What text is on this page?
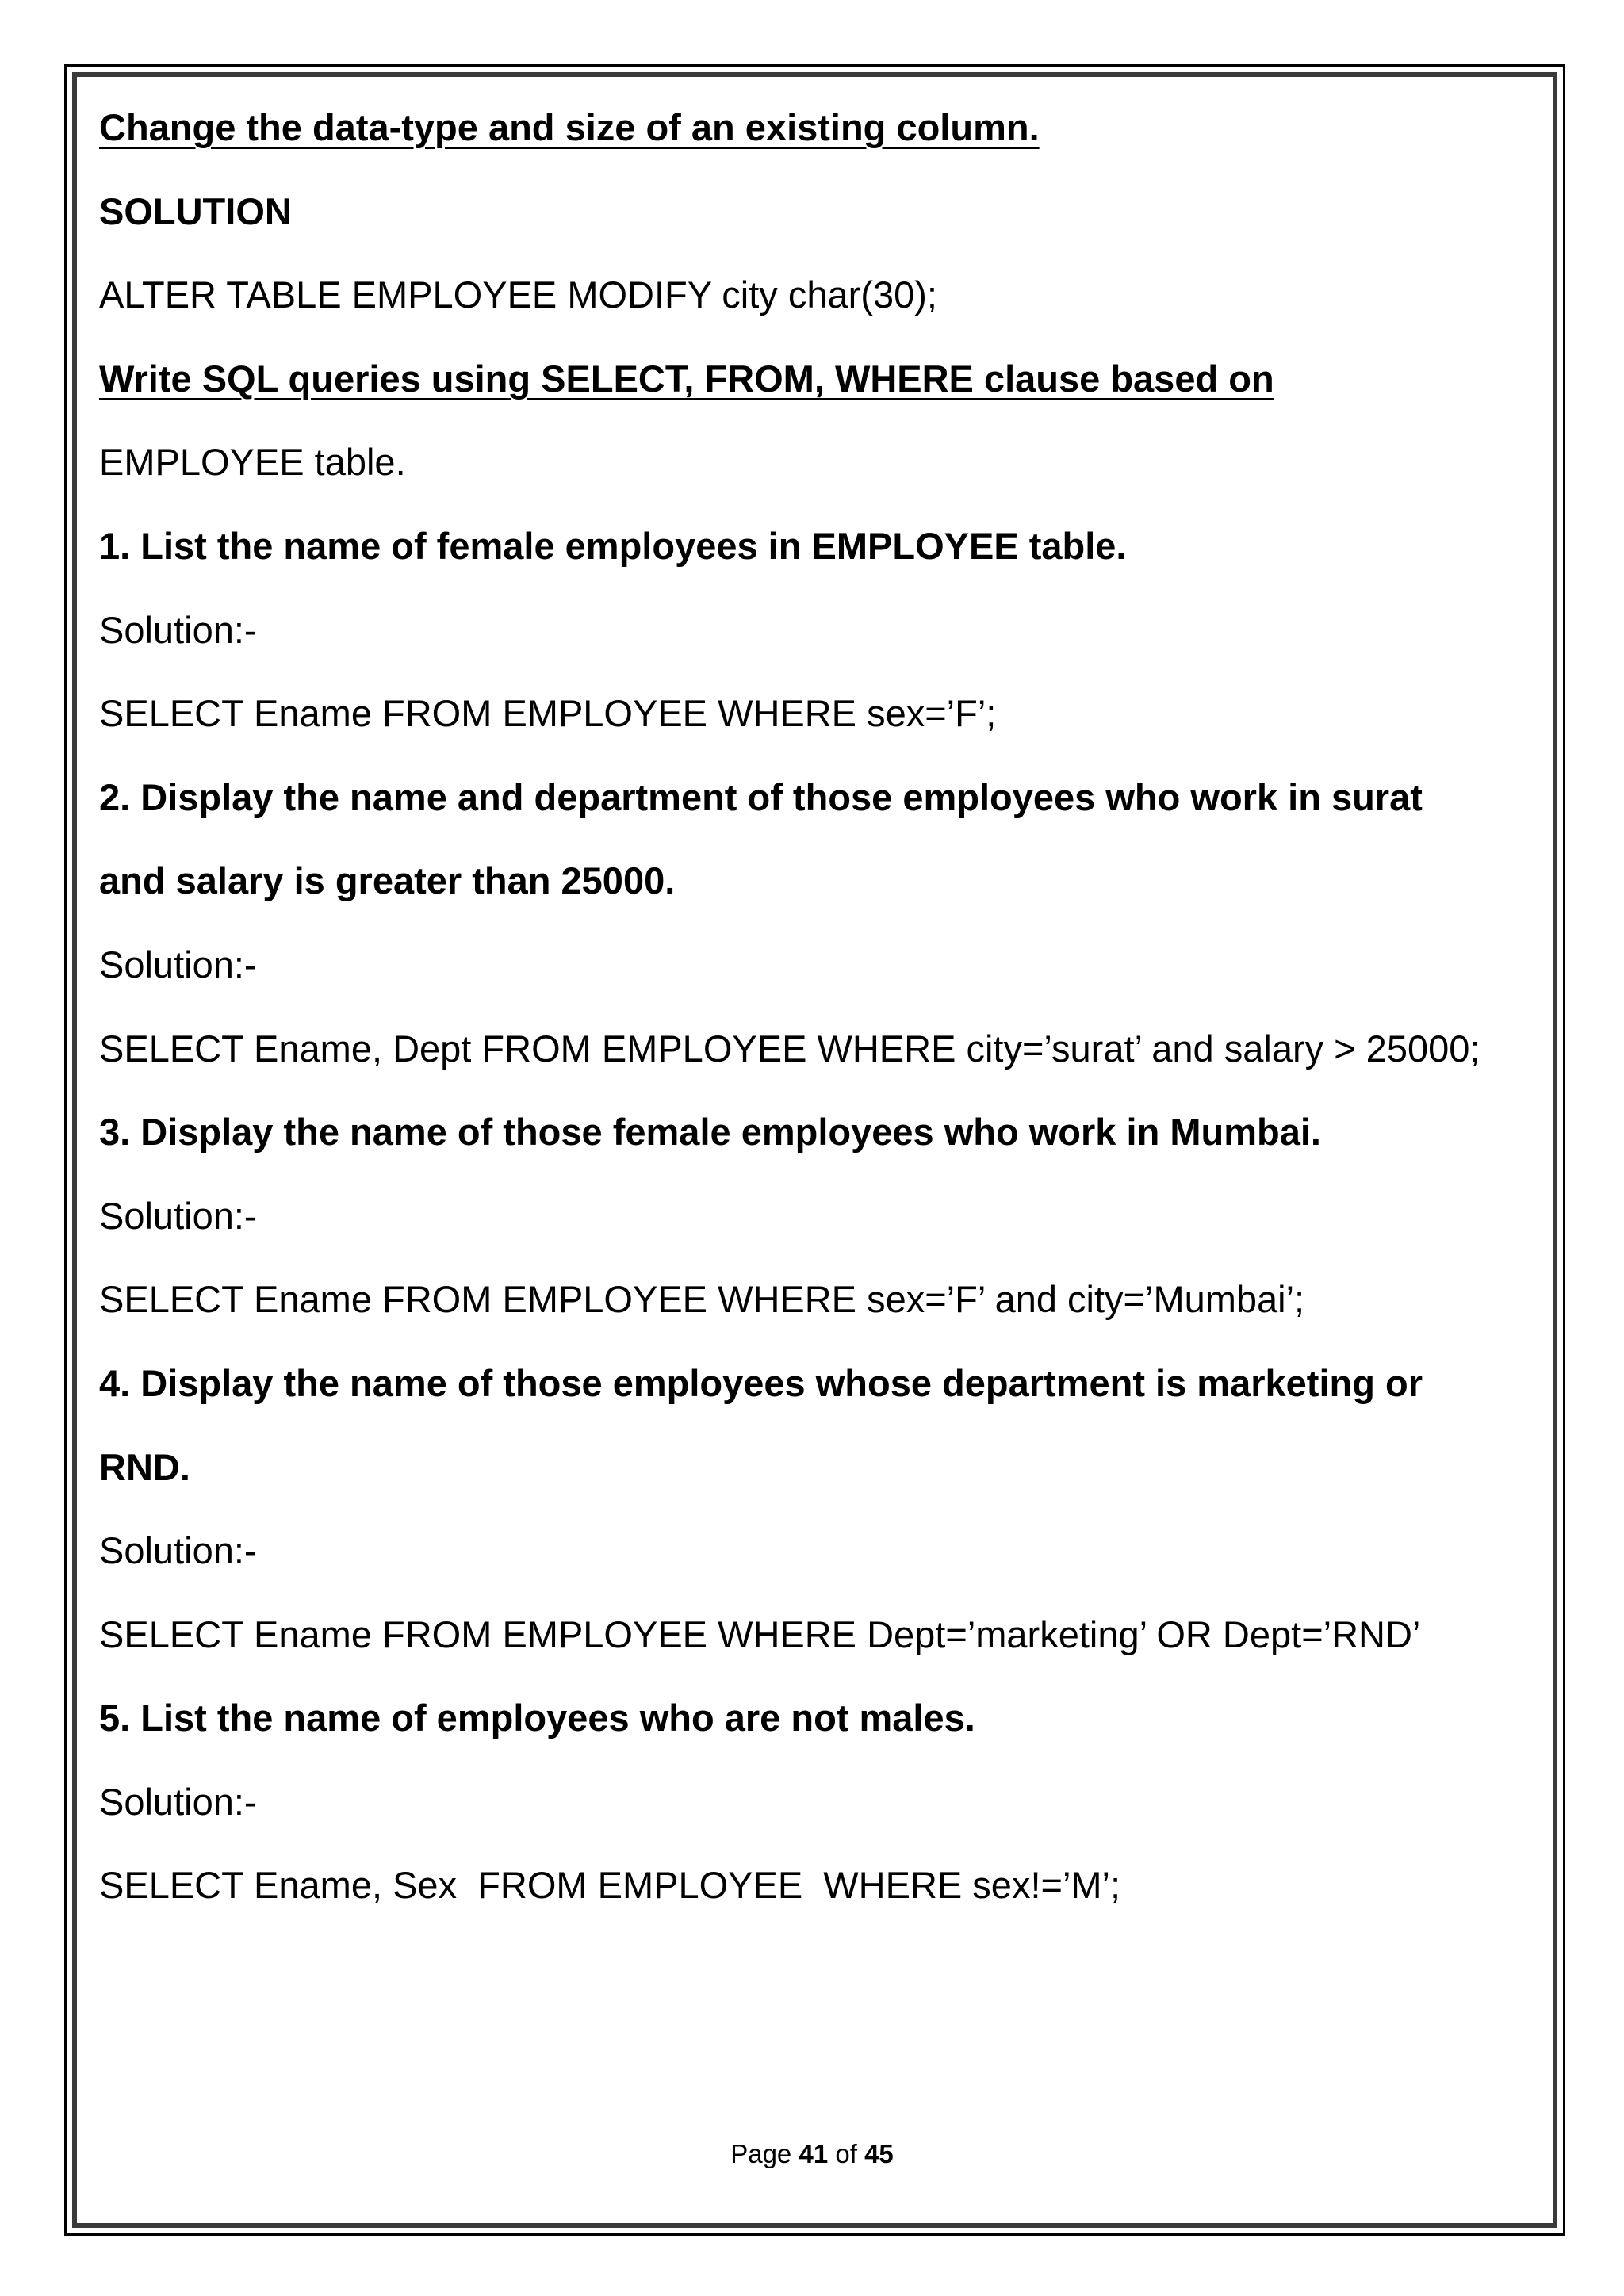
Change the data-type and size of an existing column.
SOLUTION
ALTER TABLE EMPLOYEE MODIFY city char(30);
Write SQL queries using SELECT, FROM, WHERE clause based on
EMPLOYEE table.
1. List the name of female employees in EMPLOYEE table.
Solution:-
SELECT Ename FROM EMPLOYEE WHERE sex=’F’;
2. Display the name and department of those employees who work in surat
and salary is greater than 25000.
Solution:-
SELECT Ename, Dept FROM EMPLOYEE WHERE city=’surat’ and salary > 25000;
3. Display the name of those female employees who work in Mumbai.
Solution:-
SELECT Ename FROM EMPLOYEE WHERE sex=’F’ and city=’Mumbai’;
4. Display the name of those employees whose department is marketing or
RND.
Solution:-
SELECT Ename FROM EMPLOYEE WHERE Dept=’marketing’ OR Dept=’RND’
5. List the name of employees who are not males.
Solution:-
SELECT Ename, Sex  FROM EMPLOYEE  WHERE sex!=’M’;
Page 41 of 45
